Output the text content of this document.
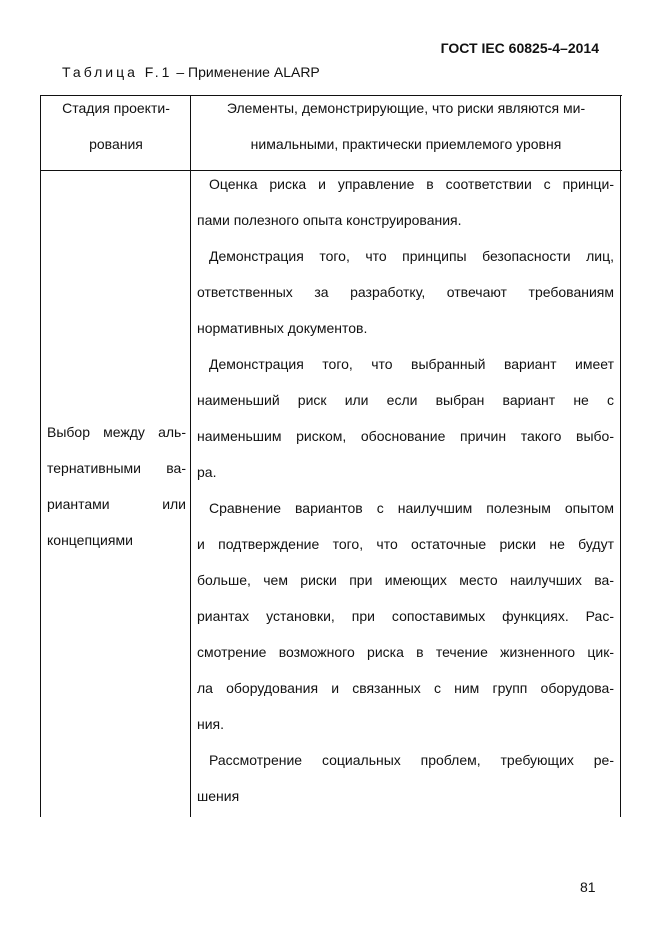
ГОСТ IEC 60825-4–2014
Таблица F.1 – Применение ALARP
Стадия проекти-
рования
Элементы, демонстрирующие, что риски являются ми-
нимальными, практически приемлемого уровня
Выбор между аль-
тернативными ва-
риантами или
концепциями
Оценка риска и управление в соответствии с принци-
пами полезного опыта конструирования.
Демонстрация того, что принципы безопасности лиц,
ответственных за разработку, отвечают требованиям
нормативных документов.
Демонстрация того, что выбранный вариант имеет
наименьший риск или если выбран вариант не с
наименьшим риском, обоснование причин такого выбо-
ра.
Сравнение вариантов с наилучшим полезным опытом
и подтверждение того, что остаточные риски не будут
больше, чем риски при имеющих место наилучших ва-
риантах установки, при сопоставимых функциях. Рас-
смотрение возможного риска в течение жизненного цик-
ла оборудования и связанных с ним групп оборудова-
ния.
Рассмотрение социальных проблем, требующих ре-
шения
81
